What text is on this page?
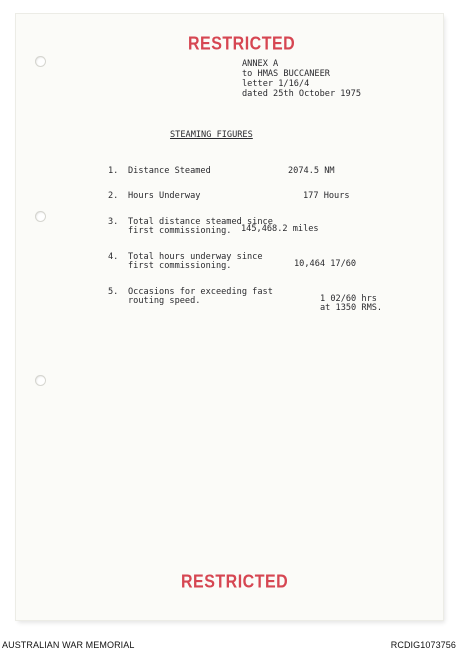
RESTRICTED
ANNEX A
to HMAS BUCCANEER
letter 1/16/4
dated 25th October 1975
STEAMING FIGURES
1. Distance Steamed	2074.5 NM
2. Hours Underway	177 Hours
3. Total distance steamed since
first commissioning. 145,468.2 miles
4. Total hours underway since
first commissioning.	10,464 17/60
5. Occasions for exceeding fast
routing speed.	1 02/60 hrs
at 1350 RMS.
RESTRICTED
AUSTRALIAN WAR MEMORIAL	RCDIG1073756
